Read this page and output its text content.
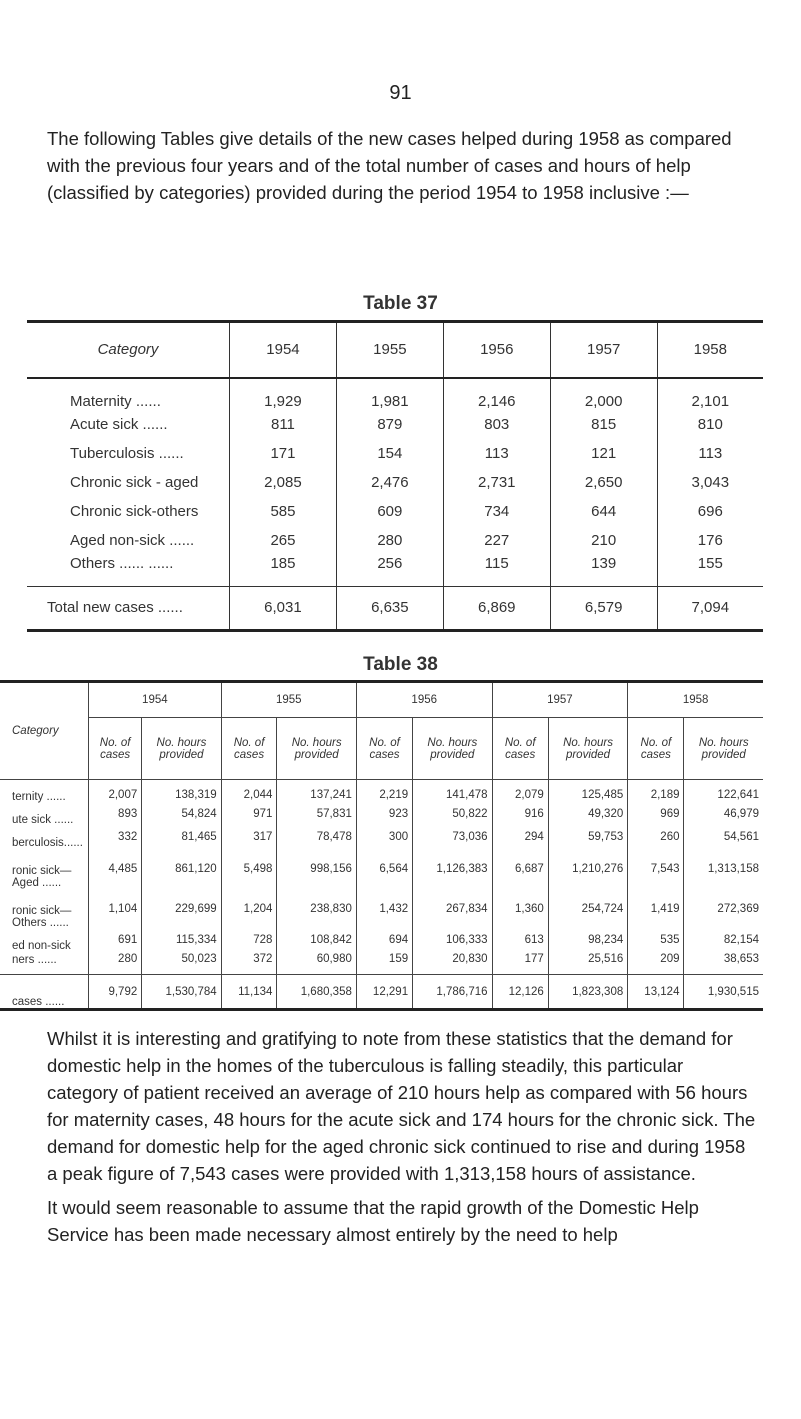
91

The following Tables give details of the new cases helped during 1958 as compared with the previous four years and of the total number of cases and hours of help (classified by categories) provided during the period 1954 to 1958 inclusive :—

Table 37
Category	1954	1955	1956	1957	1958
Maternity ......	1,929	1,981	2,146	2,000	2,101
Acute sick ......	811	879	803	815	810
Tuberculosis ......	171	154	113	121	113
Chronic sick - aged	2,085	2,476	2,731	2,650	3,043
Chronic sick-others	585	609	734	644	696
Aged non-sick ......	265	280	227	210	176
Others ...... ......	185	256	115	139	155
Total new cases ......	6,031	6,635	6,869	6,579	7,094
Table 38
Category	1954		1955		1956		1957		1958	
	No. of cases	No. hours provided	No. of cases	No. hours provided	No. of cases	No. hours provided	No. of cases	No. hours provided	No. of cases	No. hours provided
ternity ......	2,007	138,319	2,044	137,241	2,219	141,478	2,079	125,485	2,189	122,641
ute sick ......	893	54,824	971	57,831	923	50,822	916	49,320	969	46,979
berculosis......	332	81,465	317	78,478	300	73,036	294	59,753	260	54,561
ronic sick—
Aged ......	4,485	861,120	5,498	998,156	6,564	1,126,383	6,687	1,210,276	7,543	1,313,158
ronic sick—
Others ......	1,104	229,699	1,204	238,830	1,432	267,834	1,360	254,724	1,419	272,369
ed non-sick	691	115,334	728	108,842	694	106,333	613	98,234	535	82,154
ners ......	280	50,023	372	60,980	159	20,830	177	25,516	209	38,653
cases ......	9,792	1,530,784	11,134	1,680,358	12,291	1,786,716	12,126	1,823,308	13,124	1,930,515

Whilst it is interesting and gratifying to note from these statistics that the demand for domestic help in the homes of the tuberculous is falling steadily, this particular category of patient received an average of 210 hours help as compared with 56 hours for maternity cases, 48 hours for the acute sick and 174 hours for the chronic sick. The demand for domestic help for the aged chronic sick continued to rise and during 1958 a peak figure of 7,543 cases were provided with 1,313,158 hours of assistance.

It would seem reasonable to assume that the rapid growth of the Domestic Help Service has been made necessary almost entirely by the need to help
